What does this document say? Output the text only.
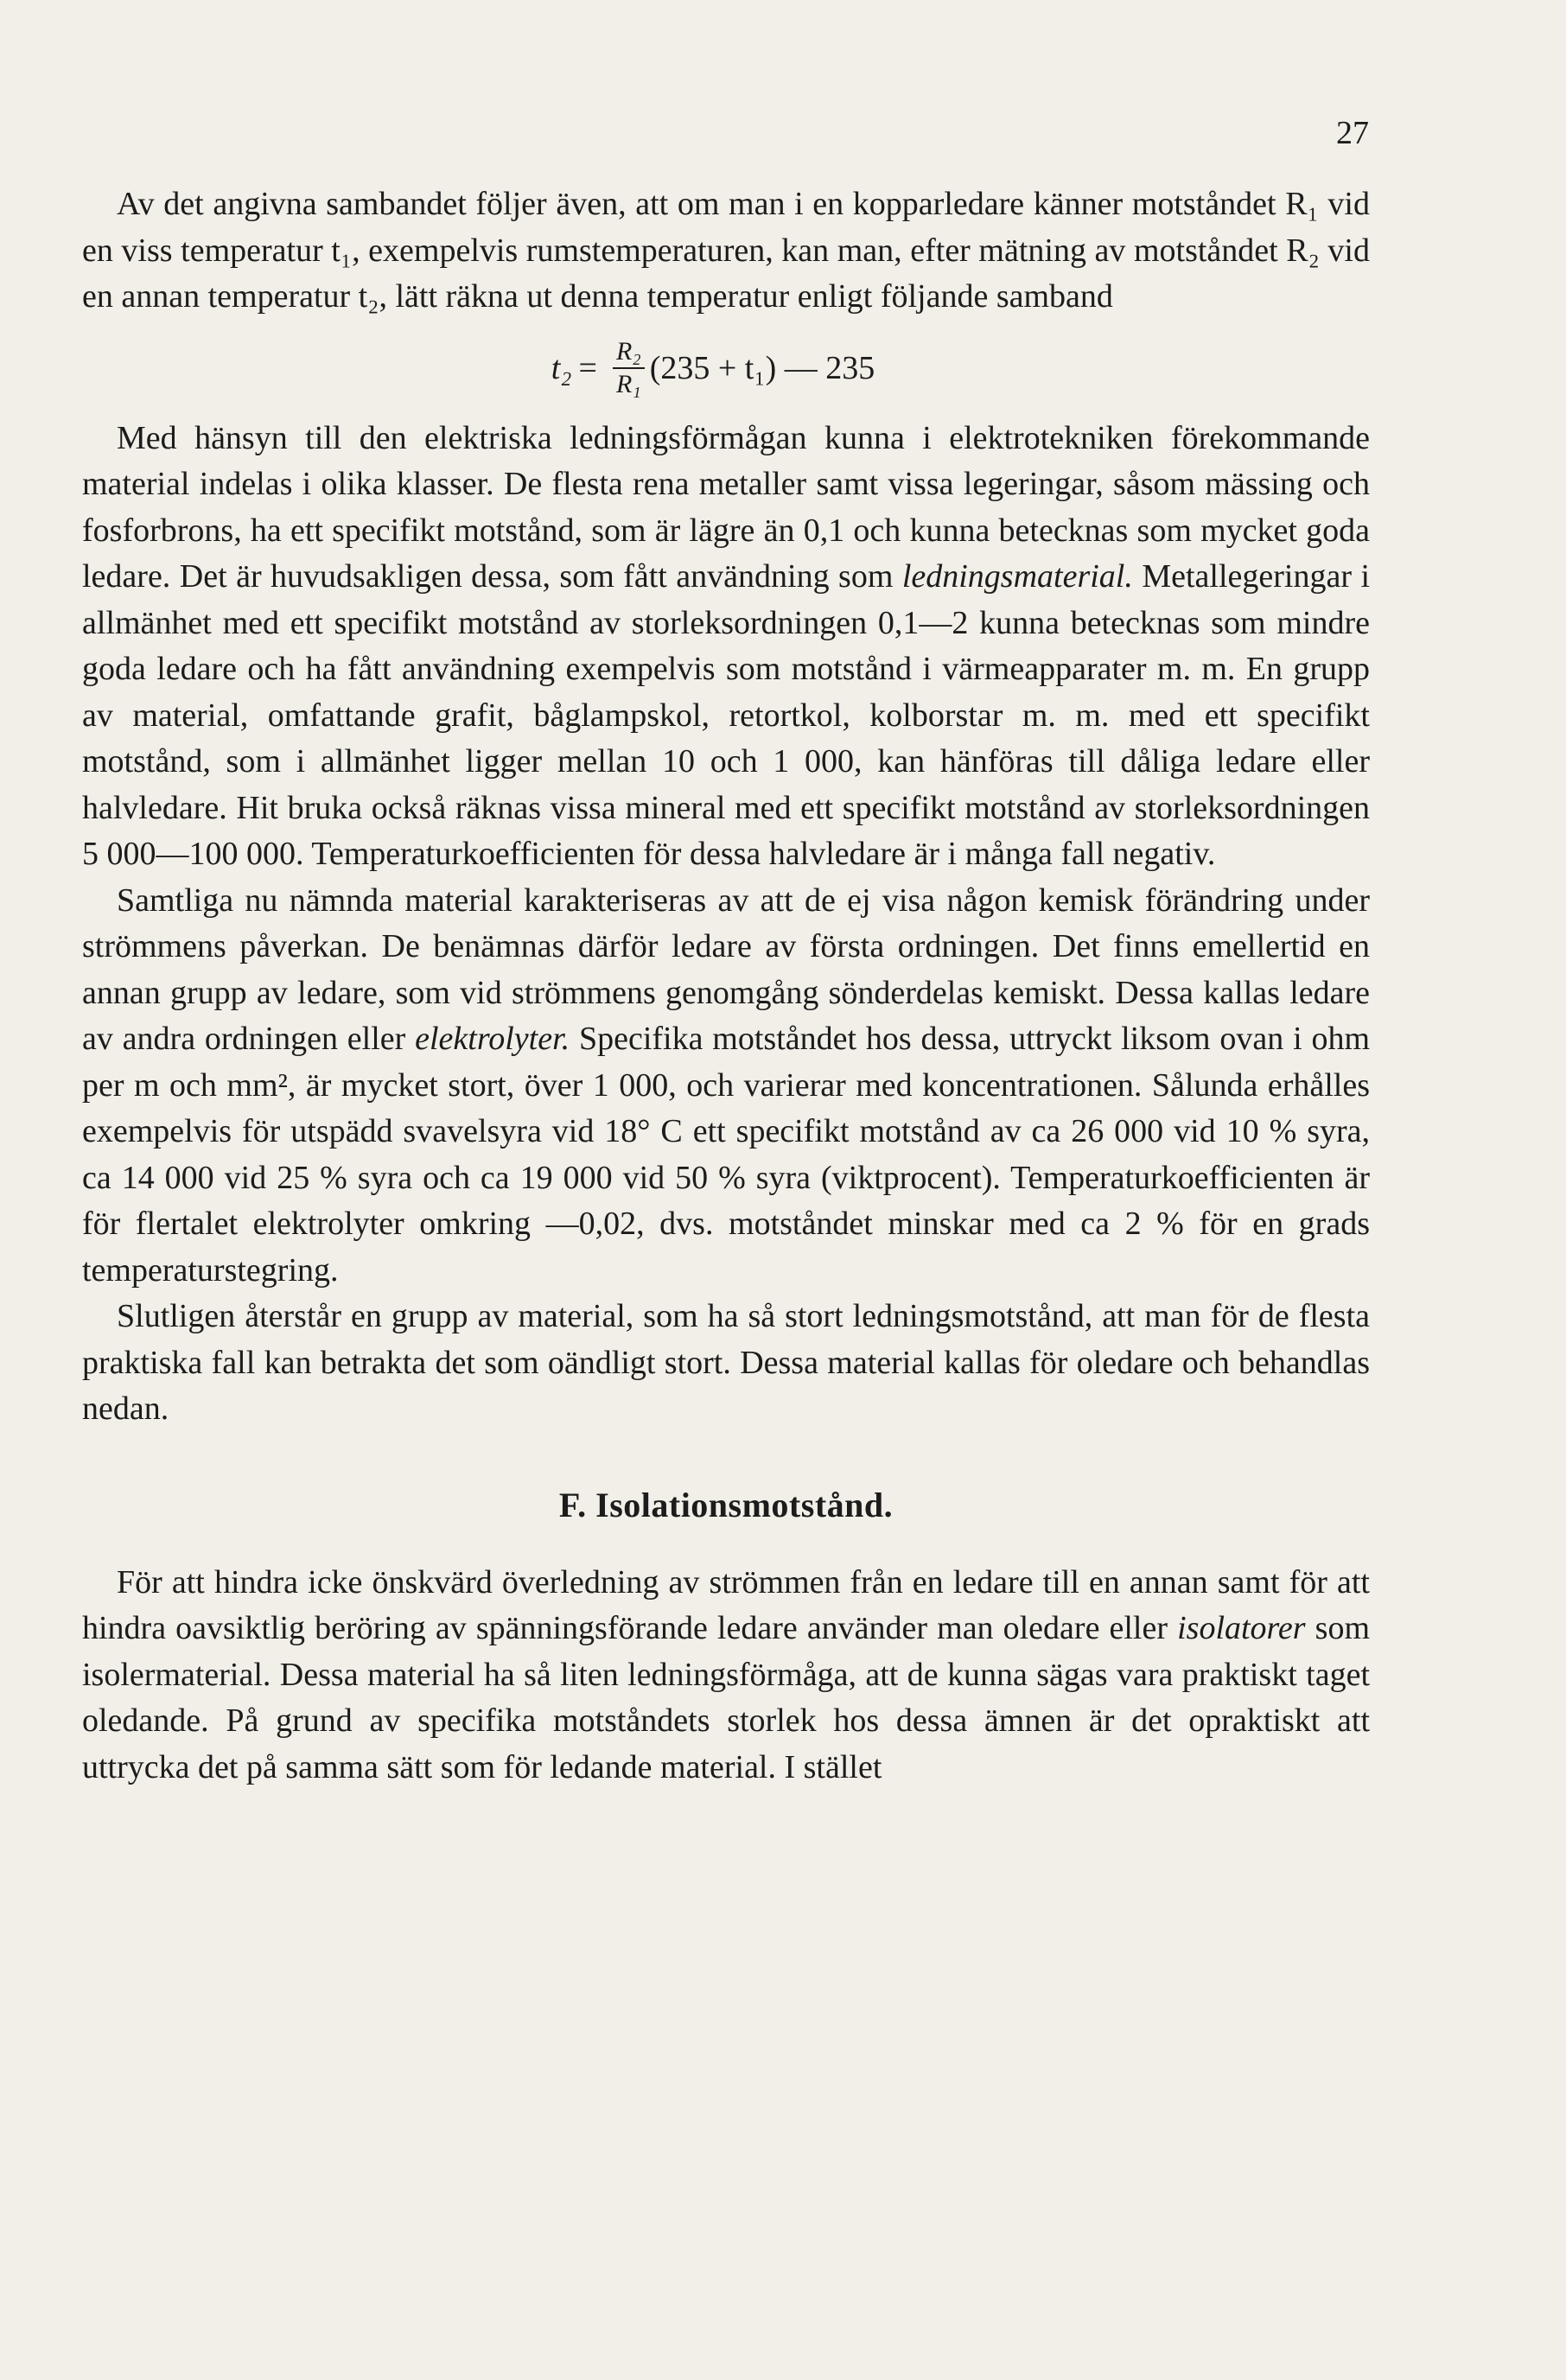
27

Av det angivna sambandet följer även, att om man i en kopparledare känner motståndet R₁ vid en viss temperatur t₁, exempelvis rumstemperaturen, kan man, efter mätning av motståndet R₂ vid en annan temperatur t₂, lätt räkna ut denna temperatur enligt följande samband

$t_2 = \frac{\text{R₂}}{\text{R₁}} (235 + t_1)$ — 235

Med hänsyn till den elektriska ledningsförmågan kunna i elektrotekniken förekommande material indelas i olika klasser. De flesta rena metaller samt vissa legeringar, såsom mässing och fosforbrons, ha ett specifikt motstånd, som är lägre än 0,1 och kunna betecknas som mycket goda ledare. Det är huvudsakligen dessa, som fått användning som ledningsmaterial. Metallegeringar i allmänhet med ett specifikt motstånd av storleksordningen 0,1—2 kunna betecknas som mindre goda ledare och ha fått användning exempelvis som motstånd i värmeapparater m. m. En grupp av material, omfattande grafit, båglampskol, retortkol, kolborstar m. m. med ett specifikt motstånd, som i allmänhet ligger mellan 10 och 1 000, kan hänföras till dåliga ledare eller halvledare. Hit bruka också räknas vissa mineral med ett specifikt motstånd av storleksordningen 5 000—100 000. Temperaturkoefficienten för dessa halvledare är i många fall negativ.

Samtliga nu nämnda material karakteriseras av att de ej visa någon kemisk förändring under strömmens påverkan. De benämnas därför ledare av första ordningen. Det finns emellertid en annan grupp av ledare, som vid strömmens genomgång sönderdelas kemiskt. Dessa kallas ledare av andra ordningen eller elektrolyter. Specifika motståndet hos dessa, uttryckt liksom ovan i ohm per m och mm², är mycket stort, över 1 000, och varierar med koncentrationen. Sålunda erhålles exempelvis för utspädd svavelsyra vid 18° C ett specifikt motstånd av ca 26 000 vid 10 % syra, ca 14 000 vid 25 % syra och ca 19 000 vid 50 % syra (viktprocent). Temperaturkoefficienten är för flertalet elektrolyter omkring —0,02, dvs. motståndet minskar med ca 2 % för en grads temperaturstegring.

Slutligen återstår en grupp av material, som ha så stort ledningsmotstånd, att man för de flesta praktiska fall kan betrakta det som oändligt stort. Dessa material kallas för oledare och behandlas nedan.

F. Isolationsmotstånd.

För att hindra icke önskvärd överledning av strömmen från en ledare till en annan samt för att hindra oavsiktlig beröring av spänningsförande ledare använder man oledare eller isolatorer som isolermaterial. Dessa material ha så liten ledningsförmåga, att de kunna sägas vara praktiskt taget oledande. På grund av specifika motståndets storlek hos dessa ämnen är det opraktiskt att uttrycka det på samma sätt som för ledande material. I stället
